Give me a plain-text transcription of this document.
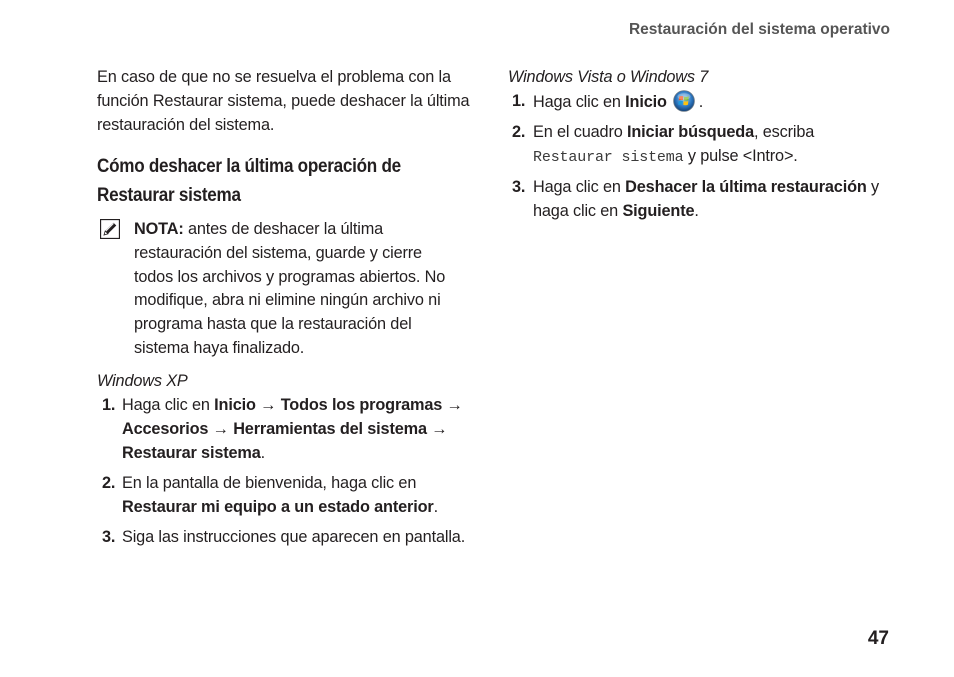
Restauración del sistema operativo

En caso de que no se resuelva el problema con la función Restaurar sistema, puede deshacer la última restauración del sistema.

Cómo deshacer la última operación de
Restaurar sistema
NOTA: antes de deshacer la última restauración del sistema, guarde y cierre todos los archivos y programas abiertos. No modifique, abra ni elimine ningún archivo ni programa hasta que la restauración del sistema haya finalizado.

Windows XP

1. Haga clic en Inicio → Todos los programas → Accesorios → Herramientas del sistema → Restaurar sistema.
2. En la pantalla de bienvenida, haga clic en Restaurar mi equipo a un estado anterior.
3. Siga las instrucciones que aparecen en pantalla.

Windows Vista o Windows 7

1. Haga clic en Inicio .
2. En el cuadro Iniciar búsqueda, escriba
Restaurar sistema y pulse <Intro>.
3. Haga clic en Deshacer la última restauración y haga clic en Siguiente.
47
